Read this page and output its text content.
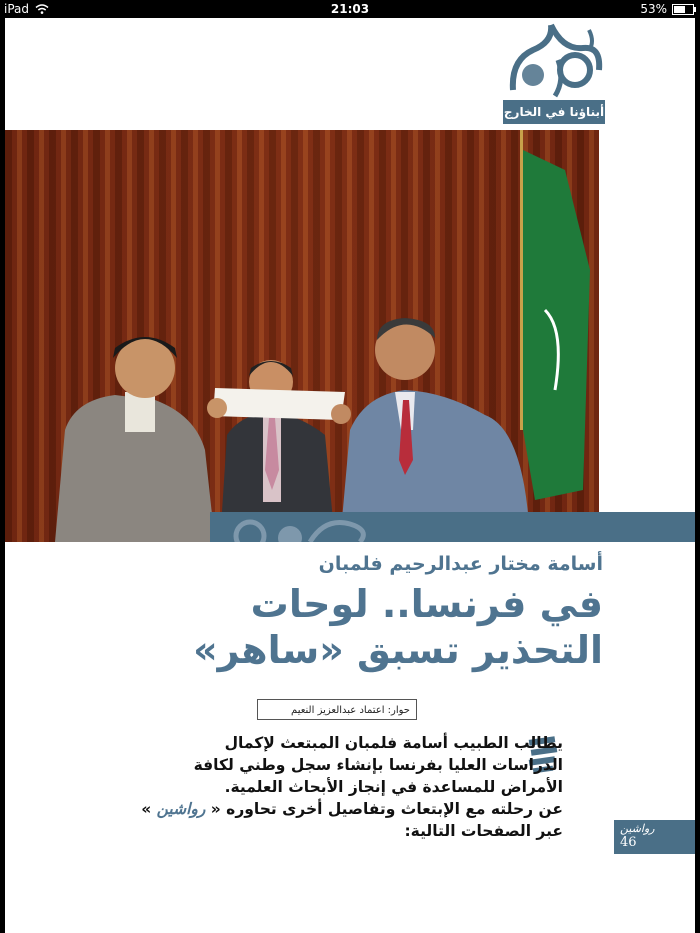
iPad	21:03	53%
أبناؤنا في الخارج
أسامة مختار عبدالرحيم فلمبان
في فرنسا.. لوحات
التحذير تسبق «ساهر»
حوار: اعتماد عبدالعزيز النعيم

يطالب الطبيب أسامة فلمبان المبتعث لإكمال

الدراسات العليا بفرنسا بإنشاء سجل وطني لكافة

الأمراض للمساعدة في إنجاز الأبحاث العلمية.

عن رحلته مع الإبتعاث وتفاصيل أخرى تحاوره « رواشين »

عبر الصفحات التالية:	رواشين
46
